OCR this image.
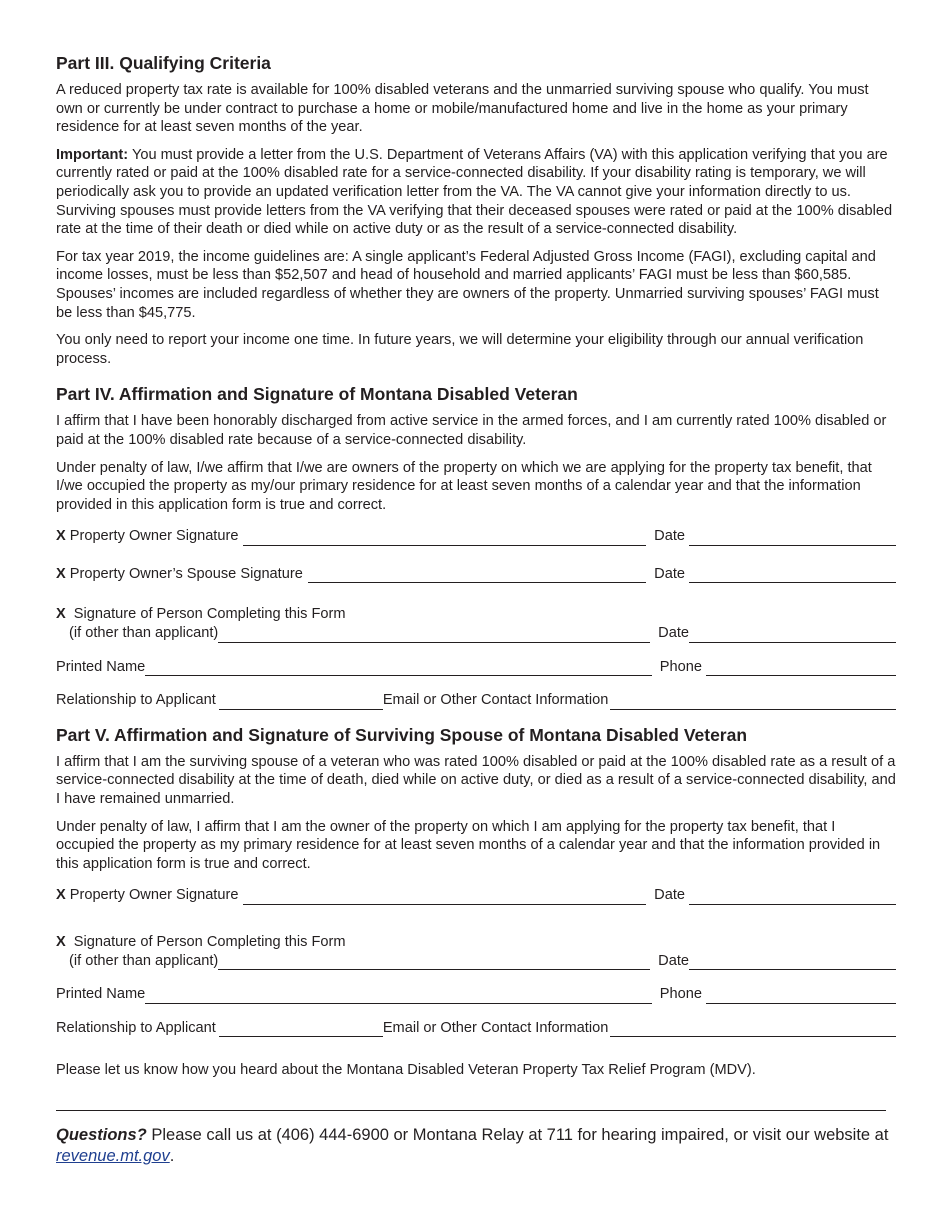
Part III. Qualifying Criteria

A reduced property tax rate is available for 100% disabled veterans and the unmarried surviving spouse who qualify. You must own or currently be under contract to purchase a home or mobile/manufactured home and live in the home as your primary residence for at least seven months of the year.

Important: You must provide a letter from the U.S. Department of Veterans Affairs (VA) with this application verifying that you are currently rated or paid at the 100% disabled rate for a service-connected disability. If your disability rating is temporary, we will periodically ask you to provide an updated verification letter from the VA. The VA cannot give your information directly to us. Surviving spouses must provide letters from the VA verifying that their deceased spouses were rated or paid at the 100% disabled rate at the time of their death or died while on active duty or as the result of a service-connected disability.

For tax year 2019, the income guidelines are: A single applicant’s Federal Adjusted Gross Income (FAGI), excluding capital and income losses, must be less than $52,507 and head of household and married applicants’ FAGI must be less than $60,585. Spouses’ incomes are included regardless of whether they are owners of the property. Unmarried surviving spouses’ FAGI must be less than $45,775.

You only need to report your income one time. In future years, we will determine your eligibility through our annual verification process.

Part IV. Affirmation and Signature of Montana Disabled Veteran

I affirm that I have been honorably discharged from active service in the armed forces, and I am currently rated 100% disabled or paid at the 100% disabled rate because of a service-connected disability.

Under penalty of law, I/we affirm that I/we are owners of the property on which we are applying for the property tax benefit, that I/we occupied the property as my/our primary residence for at least seven months of a calendar year and that the information provided in this application form is true and correct.

X Property Owner Signature	Date
X Property Owner’s Spouse Signature	Date
X Signature of Person Completing this Form
(if other than applicant)	Date
Printed Name	Phone
Relationship to Applicant	Email or Other Contact Information
Part V. Affirmation and Signature of Surviving Spouse of Montana Disabled Veteran

I affirm that I am the surviving spouse of a veteran who was rated 100% disabled or paid at the 100% disabled rate as a result of a service-connected disability at the time of death, died while on active duty, or died as a result of a service-connected disability, and I have remained unmarried.

Under penalty of law, I affirm that I am the owner of the property on which I am applying for the property tax benefit, that I occupied the property as my primary residence for at least seven months of a calendar year and that the information provided in this application form is true and correct.

X Property Owner Signature	Date
X Signature of Person Completing this Form
(if other than applicant)	Date
Printed Name	Phone
Relationship to Applicant	Email or Other Contact Information

Please let us know how you heard about the Montana Disabled Veteran Property Tax Relief Program (MDV).

Questions? Please call us at (406) 444-6900 or Montana Relay at 711 for hearing impaired, or visit our website at revenue.mt.gov.
